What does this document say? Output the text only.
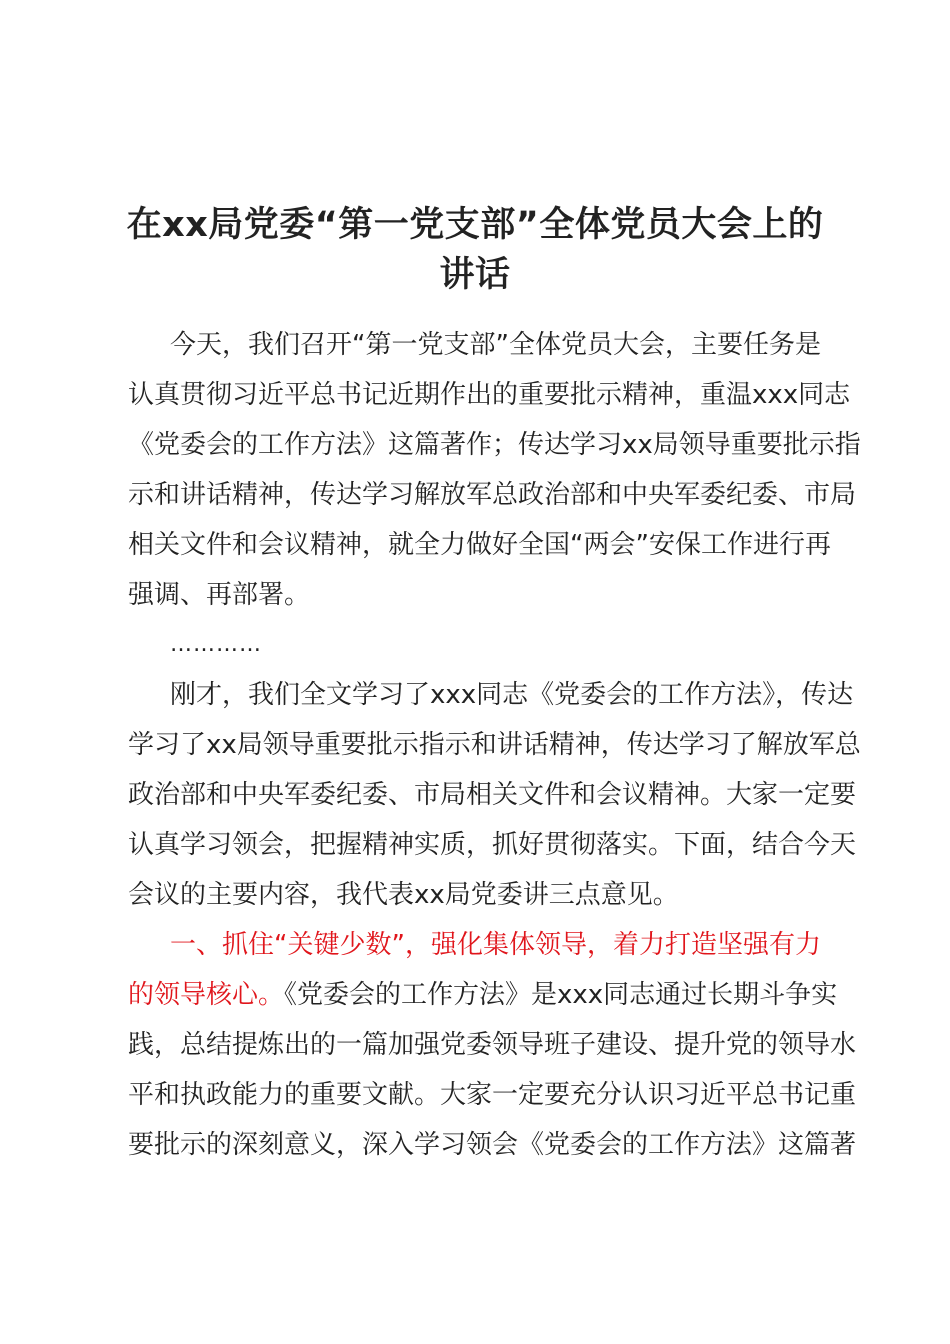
在xx局党委“第一党支部”全体党员大会上的
讲话
今天，我们召开“第一党支部”全体党员大会，主要任务是
认真贯彻习近平总书记近期作出的重要批示精神，重温xxx同志
《党委会的工作方法》这篇著作；传达学习xx局领导重要批示指
示和讲话精神，传达学习解放军总政治部和中央军委纪委、市局
相关文件和会议精神，就全力做好全国“两会”安保工作进行再
强调、再部署。
…………
刚才，我们全文学习了xxx同志《党委会的工作方法》，传达
学习了xx局领导重要批示指示和讲话精神，传达学习了解放军总
政治部和中央军委纪委、市局相关文件和会议精神。大家一定要
认真学习领会，把握精神实质，抓好贯彻落实。下面，结合今天
会议的主要内容，我代表xx局党委讲三点意见。
一、抓住“关键少数”，强化集体领导，着力打造坚强有力
的领导核心。《党委会的工作方法》是xxx同志通过长期斗争实
践，总结提炼出的一篇加强党委领导班子建设、提升党的领导水
平和执政能力的重要文献。大家一定要充分认识习近平总书记重
要批示的深刻意义，深入学习领会《党委会的工作方法》这篇著
